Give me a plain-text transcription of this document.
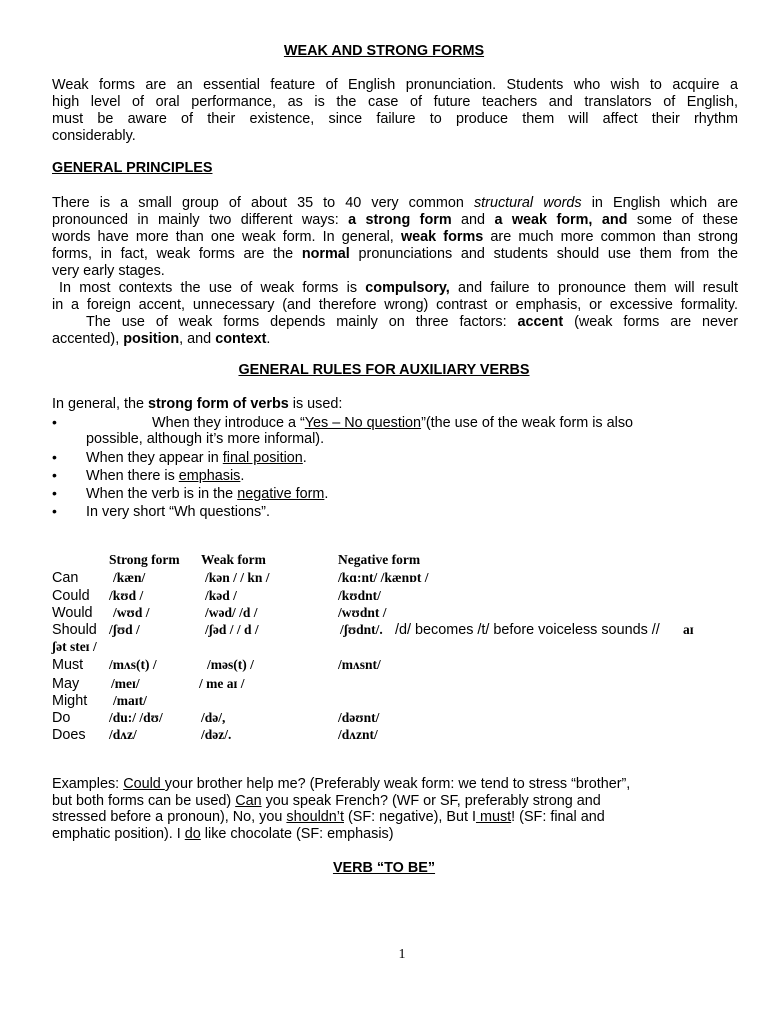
WEAK AND STRONG FORMS
Weak forms are an essential feature of English pronunciation. Students who wish to acquire a
high level of oral performance, as is the case of future teachers and translators of English,
must be aware of their existence, since failure to produce them will affect their rhythm
considerably.
GENERAL PRINCIPLES
There is a small group of about 35 to 40 very common structural words in English which are
pronounced in mainly two different ways: a strong form and a weak form, and some of these
words have more than one weak form. In general, weak forms are much more common than strong
forms, in fact, weak forms are the normal pronunciations and students should use them from the
very early stages.
In most contexts the use of weak forms is compulsory, and failure to pronounce them will result
in a foreign accent, unnecessary (and therefore wrong) contrast or emphasis, or excessive formality.
The use of weak forms depends mainly on three factors: accent (weak forms are never
accented), position, and context.
GENERAL RULES FOR AUXILIARY VERBS
In general, the strong form of verbs is used:
•	When they introduce a “Yes – No question”(the use of the weak form is also
possible, although it’s more informal).
• When they appear in final position.
• When there is emphasis.
• When the verb is in the negative form.
• In very short “Wh questions”.
Strong form Weak form	Negative form
Can	/kæn/	/kən / / kn /	/kɑ:nt/ /kænɒt /
Could /kʊd /	/kəd /	/kʊdnt/
Would /wʊd /	/wəd/ /d /	/wʊdnt /
Should /ʃʊd /	/ʃəd / / d /	/ʃʊdnt/. /d/ becomes /t/ before voiceless sounds // aɪ
ʃət steɪ /
Must /mʌs(t) /	/məs(t) /	/mʌsnt/
May /meɪ/	/ me aɪ /
Might /maɪt/
Do	/du:/ /dʊ/	/də/,	/dəʊnt/
Does /dʌz/	/dəz/.	/dʌznt/
Examples: Could your brother help me? (Preferably weak form: we tend to stress “brother”,
but both forms can be used) Can you speak French? (WF or SF, preferably strong and
stressed before a pronoun), No, you shouldn’t (SF: negative), But I must! (SF: final and
emphatic position). I do like chocolate (SF: emphasis)
VERB “TO BE”
1
